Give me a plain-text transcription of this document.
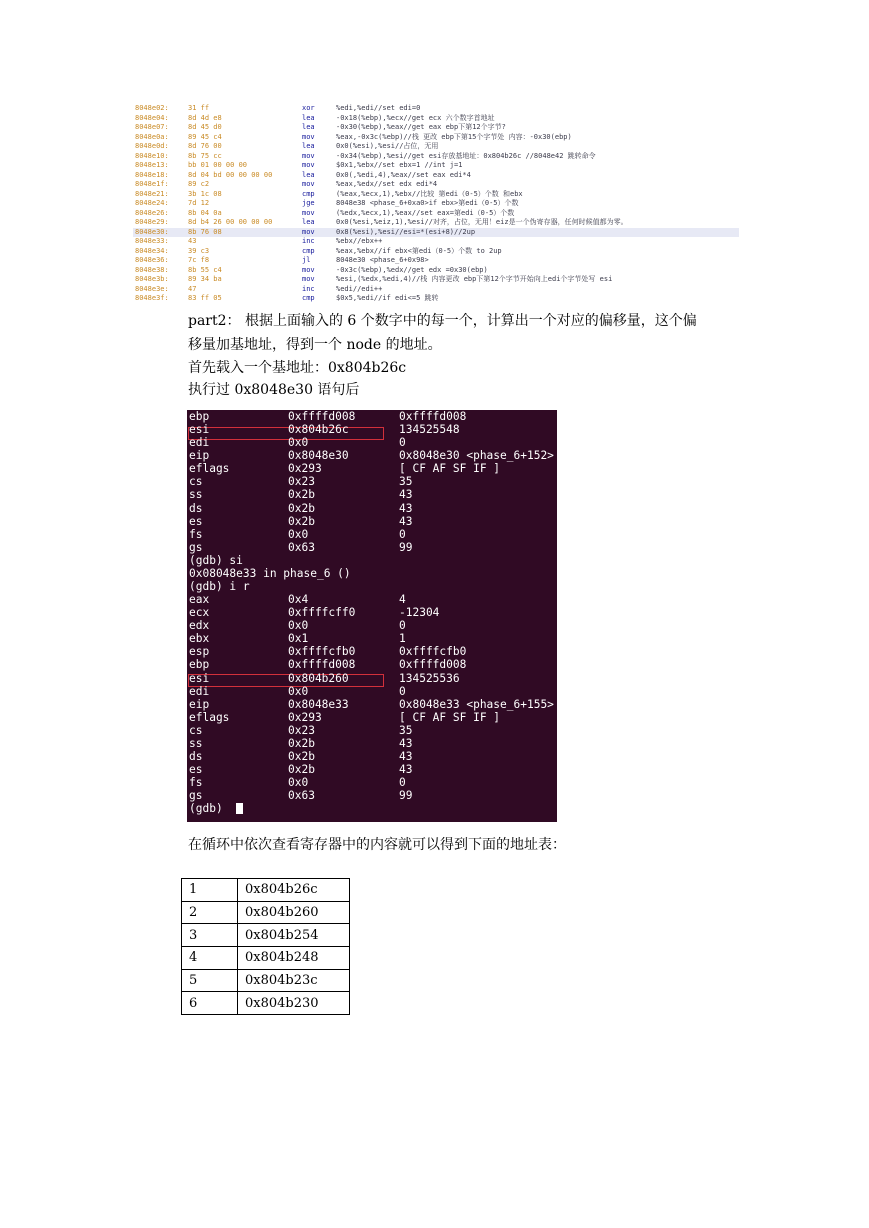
8048e02:	31 ff	xor	%edi,%edi//set edi=0
8048e04:	8d 4d e8	lea	-0x18(%ebp),%ecx//get ecx 六个数字首地址
8048e07:	8d 45 d0	lea	-0x30(%ebp),%eax//get eax ebp下第12个字节?
8048e0a:	89 45 c4	mov	%eax,-0x3c(%ebp)//栈 更改 ebp下第15个字节处 内容：-0x30(ebp)
8048e0d:	8d 76 00	lea	0x0(%esi),%esi//占位，无用
8048e10:	8b 75 cc	mov	-0x34(%ebp),%esi//get esi存放基地址：0x804b26c //8048e42 跳转命令
8048e13:	bb 01 00 00 00	mov	$0x1,%ebx//set ebx=1 //int j=1
8048e18:	8d 04 bd 00 00 00 00	lea	0x0(,%edi,4),%eax//set eax edi*4
8048e1f:	89 c2	mov	%eax,%edx//set edx edi*4
8048e21:	3b 1c 08	cmp	(%eax,%ecx,1),%ebx//比较 第edi（0-5）个数 和ebx
8048e24:	7d 12	jge	8048e38 <phase_6+0xa0>if ebx>第edi（0-5）个数
8048e26:	8b 04 0a	mov	(%edx,%ecx,1),%eax//set eax=第edi（0-5）个数
8048e29:	8d b4 26 00 00 00 00	lea	0x0(%esi,%eiz,1),%esi//对齐，占位，无用！eiz是一个伪寄存器，任何时候值都为零。
8048e30:	8b 76 08	mov	0x8(%esi),%esi//esi=*(esi+8)//2up
8048e33:	43	inc	%ebx//ebx++
8048e34:	39 c3	cmp	%eax,%ebx//if ebx<第edi（0-5）个数 to 2up
8048e36:	7c f8	jl	8048e30 <phase_6+0x98>
8048e38:	8b 55 c4	mov	-0x3c(%ebp),%edx//get edx =0x30(ebp)
8048e3b:	89 34 ba	mov	%esi,(%edx,%edi,4)//栈 内容更改 ebp下第12个字节开始向上edi个字节处写 esi
8048e3e:	47	inc	%edi//edi++
8048e3f:	83 ff 05	cmp	$0x5,%edi//if edi<=5 跳转
part2： 根据上面输入的 6 个数字中的每一个，计算出一个对应的偏移量，这个偏
移量加基地址，得到一个 node 的地址。
首先载入一个基地址：0x804b26c
执行过 0x8048e30 语句后
ebp	0xffffd008	0xffffd008
esi	0x804b26c	134525548
edi	0x0	0
eip	0x8048e30	0x8048e30 <phase_6+152>
eflags	0x293	[ CF AF SF IF ]
cs	0x23	35
ss	0x2b	43
ds	0x2b	43
es	0x2b	43
fs	0x0	0
gs	0x63	99
(gdb) si
0x08048e33 in phase_6 ()
(gdb) i r
eax	0x4	4
ecx	0xffffcff0	-12304
edx	0x0	0
ebx	0x1	1
esp	0xffffcfb0	0xffffcfb0
ebp	0xffffd008	0xffffd008
esi	0x804b260	134525536
edi	0x0	0
eip	0x8048e33	0x8048e33 <phase_6+155>
eflags	0x293	[ CF AF SF IF ]
cs	0x23	35
ss	0x2b	43
ds	0x2b	43
es	0x2b	43
fs	0x0	0
gs	0x63	99
(gdb)
在循环中依次查看寄存器中的内容就可以得到下面的地址表：
1	0x804b26c
2	0x804b260
3	0x804b254
4	0x804b248
5	0x804b23c
6	0x804b230
